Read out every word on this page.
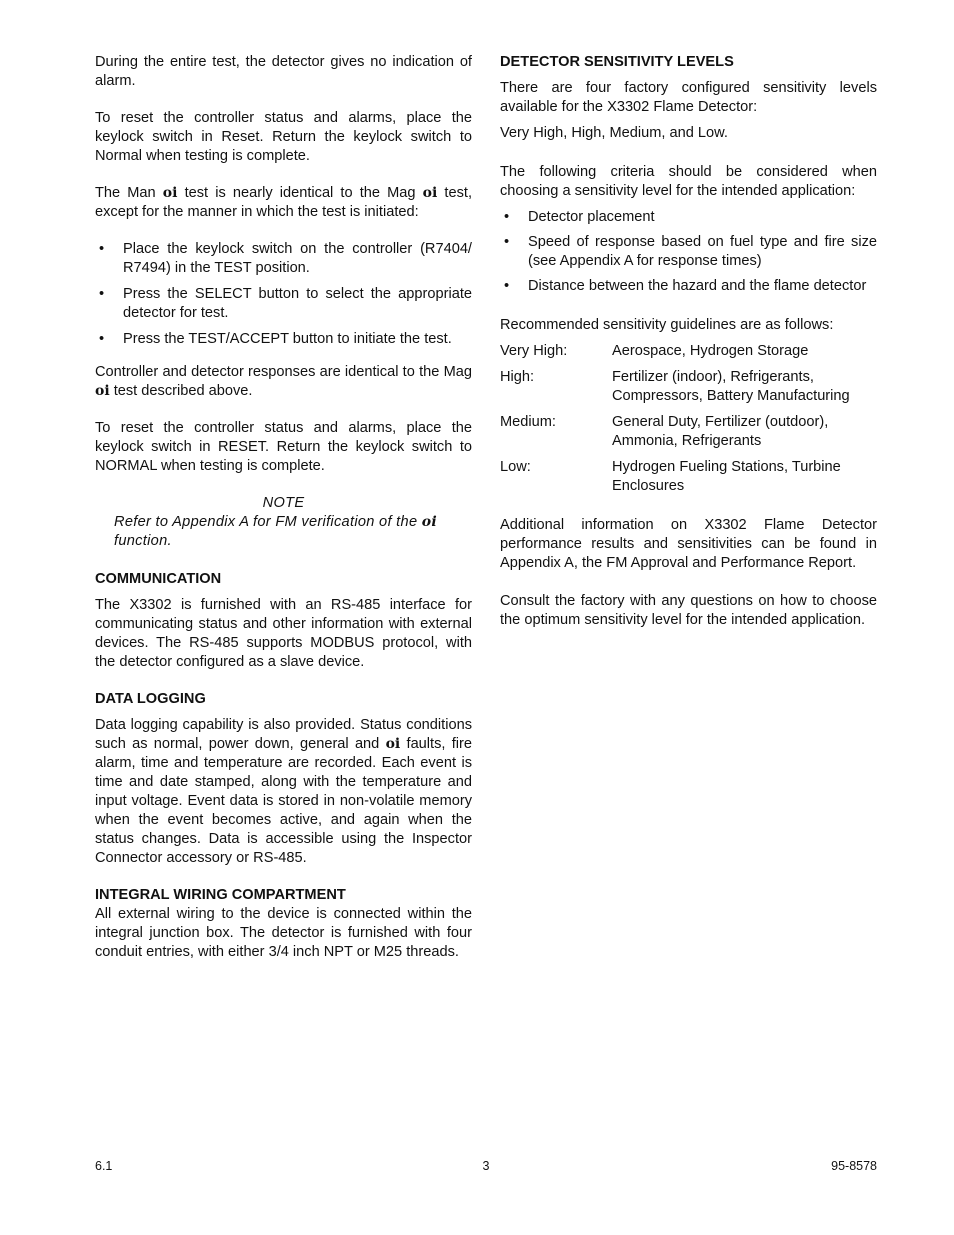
During the entire test, the detector gives no indication of alarm.

To reset the controller status and alarms, place the keylock switch in Reset. Return the keylock switch to Normal when testing is complete.

The Man oi test is nearly identical to the Mag oi test, except for the manner in which the test is initiated:

• Place the keylock switch on the controller (R7404/ R7494) in the TEST position.
• Press the SELECT button to select the appropriate detector for test.
• Press the TEST/ACCEPT button to initiate the test.

Controller and detector responses are identical to the Mag oi test described above.

To reset the controller status and alarms, place the keylock switch in RESET. Return the keylock switch to NORMAL when testing is complete.

NOTE

Refer to Appendix A for FM verification of the oi function.

COMMUNICATION

The X3302 is furnished with an RS-485 interface for communicating status and other information with external devices. The RS-485 supports MODBUS protocol, with the detector configured as a slave device.

DATA LOGGING

Data logging capability is also provided. Status conditions such as normal, power down, general and oi faults, fire alarm, time and temperature are recorded. Each event is time and date stamped, along with the temperature and input voltage. Event data is stored in non-volatile memory when the event becomes active, and again when the status changes. Data is accessible using the Inspector Connector accessory or RS-485.

INTEGRAL WIRING COMPARTMENT

All external wiring to the device is connected within the integral junction box. The detector is furnished with four conduit entries, with either 3/4 inch NPT or M25 threads.

DETECTOR SENSITIVITY LEVELS

There are four factory configured sensitivity levels available for the X3302 Flame Detector:

Very High, High, Medium, and Low.

The following criteria should be considered when choosing a sensitivity level for the intended application:

• Detector placement
• Speed of response based on fuel type and fire size (see Appendix A for response times)
• Distance between the hazard and the flame detector

Recommended sensitivity guidelines are as follows:

Very High:	Aerospace, Hydrogen Storage
High:	Fertilizer (indoor), Refrigerants, Compressors, Battery Manufacturing
Medium:	General Duty, Fertilizer (outdoor), Ammonia, Refrigerants
Low:	Hydrogen Fueling Stations, Turbine Enclosures

Additional information on X3302 Flame Detector performance results and sensitivities can be found in Appendix A, the FM Approval and Performance Report.

Consult the factory with any questions on how to choose the optimum sensitivity level for the intended application.

6.1	3	95-8578
